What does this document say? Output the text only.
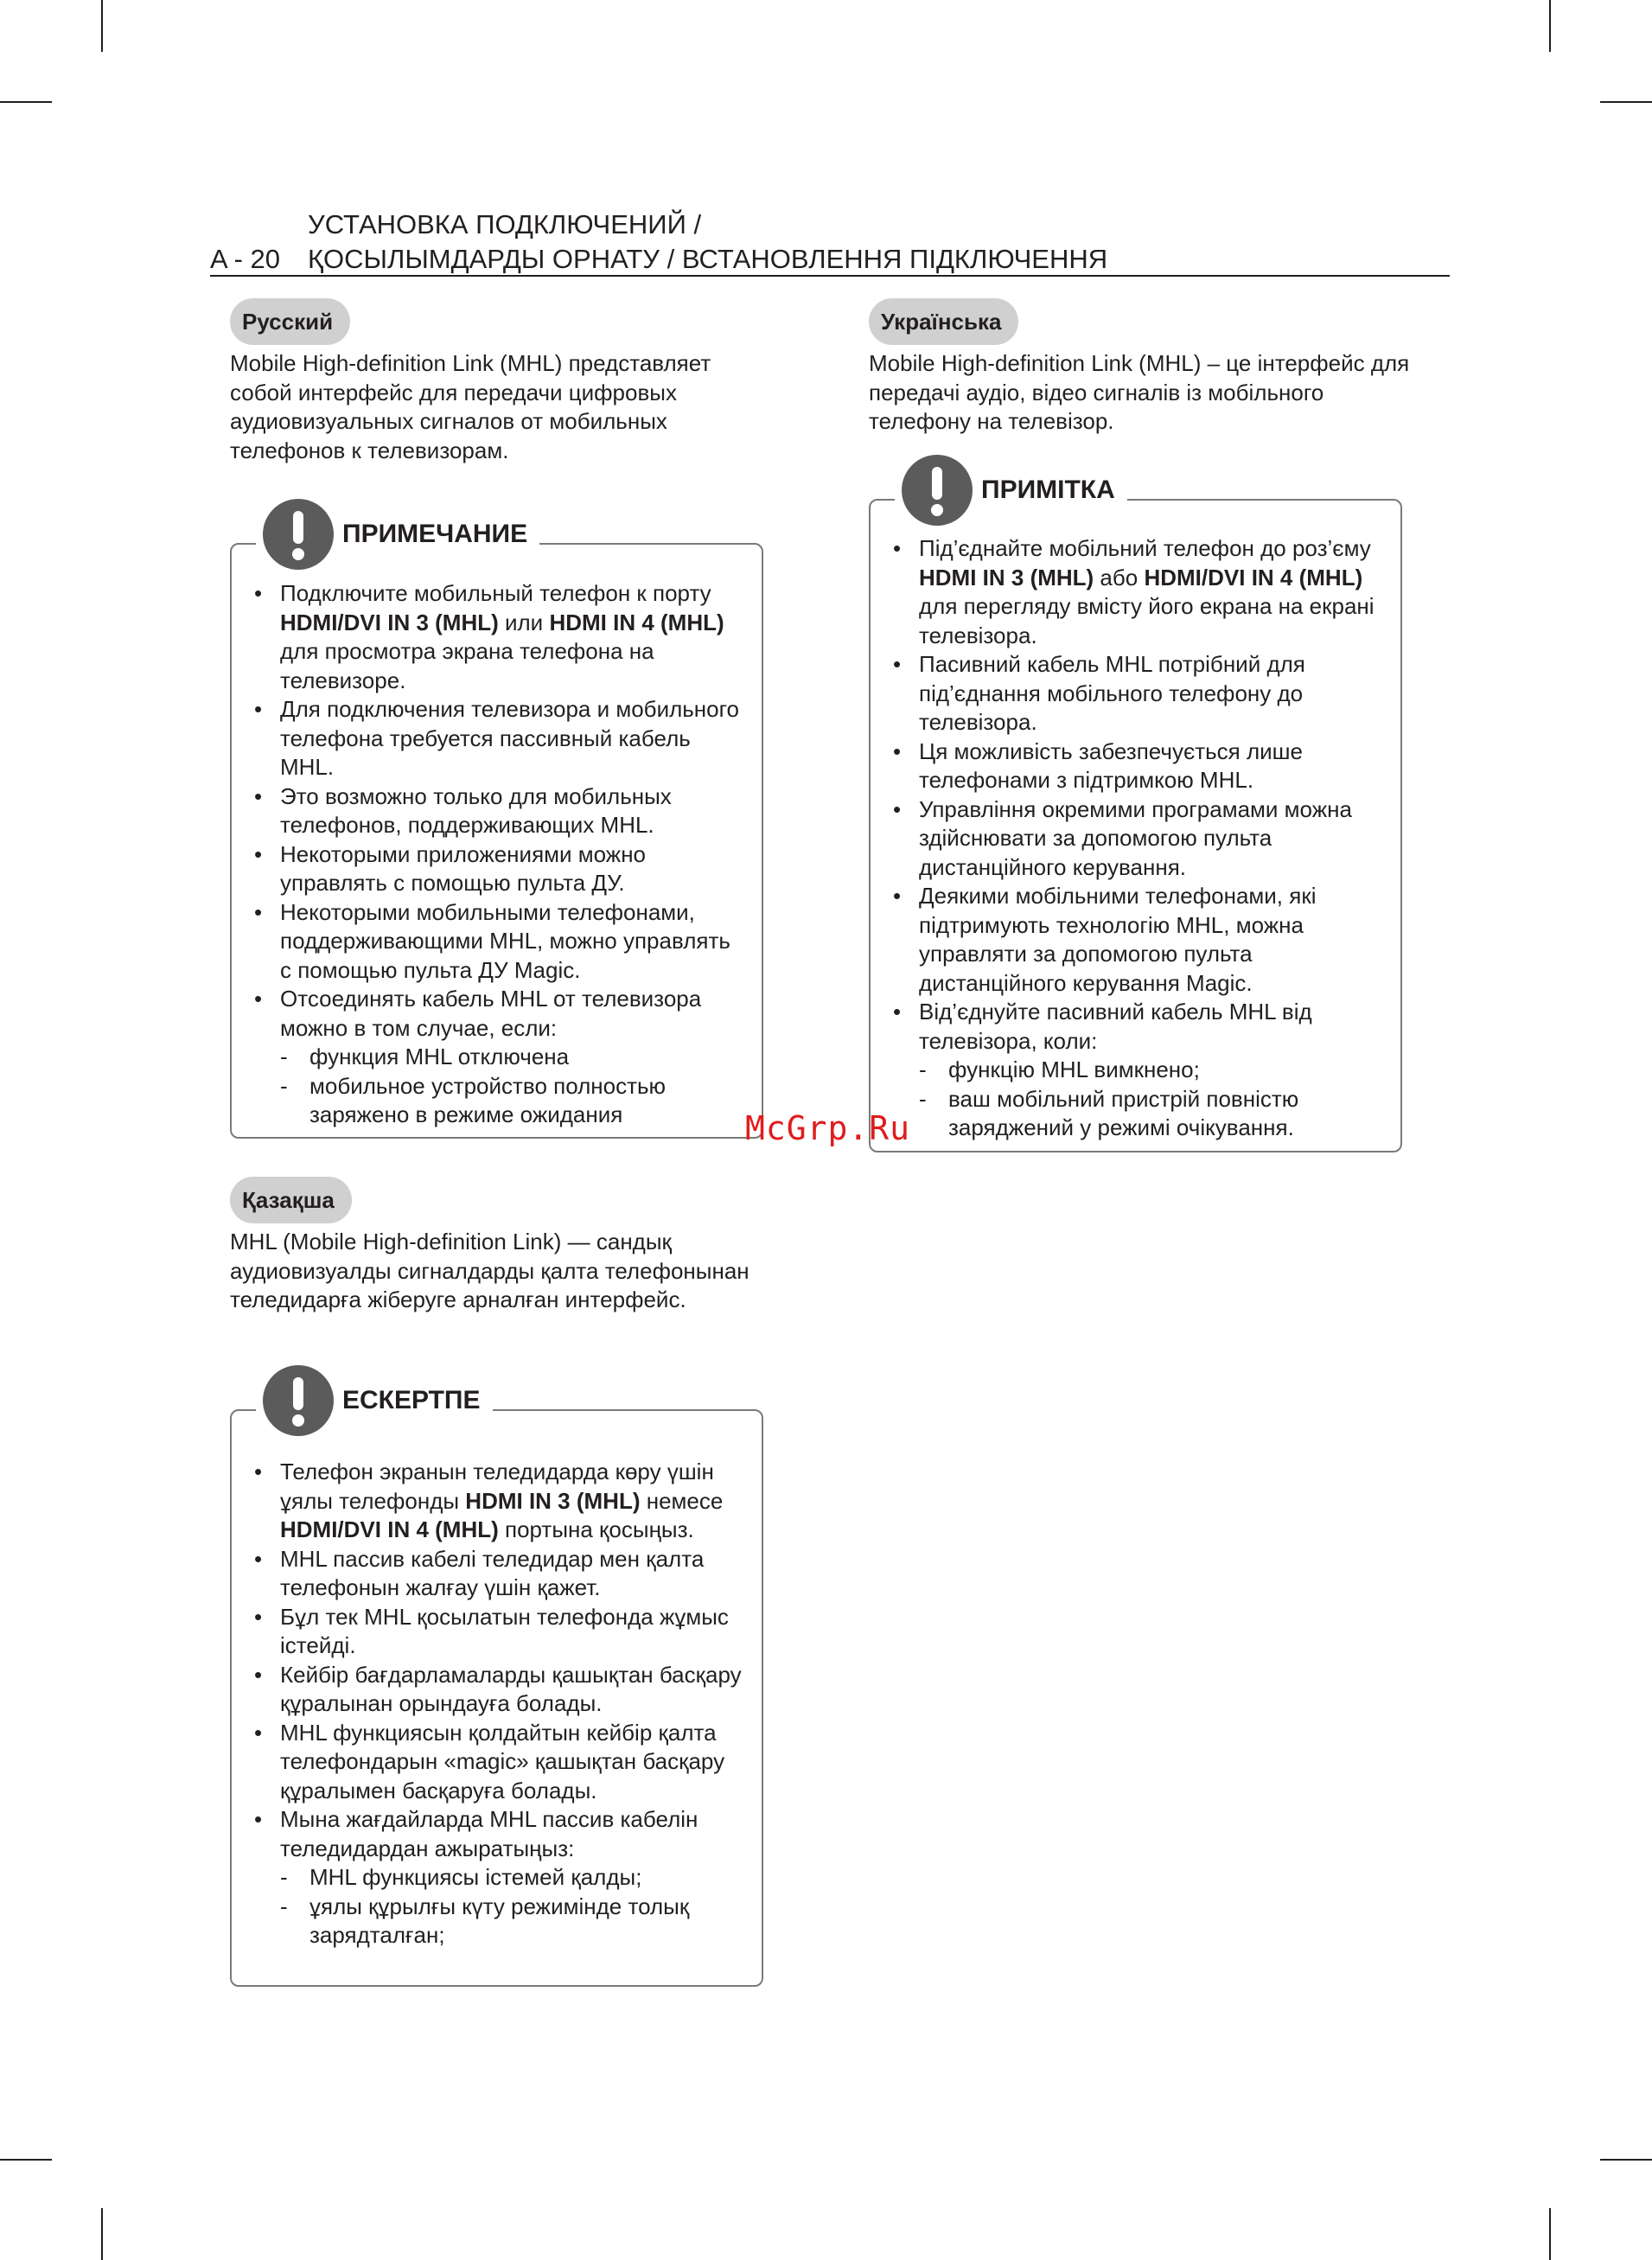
УСТАНОВКА ПОДКЛЮЧЕНИЙ /
A - 20 ҚОСЫЛЫМДАРДЫ ОРНАТУ / ВСТАНОВЛЕННЯ ПІДКЛЮЧЕННЯ
Русский
Mobile High-definition Link (MHL) представляет собой интерфейс для передачи цифровых аудиовизуальных сигналов от мобильных телефонов к телевизорам.
ПРИМЕЧАНИЕ
• Подключите мобильный телефон к порту HDMI/DVI IN 3 (MHL) или HDMI IN 4 (MHL) для просмотра экрана телефона на телевизоре.
• Для подключения телевизора и мобильного телефона требуется пассивный кабель MHL.
• Это возможно только для мобильных телефонов, поддерживающих MHL.
• Некоторыми приложениями можно управлять с помощью пульта ДУ.
• Некоторыми мобильными телефонами, поддерживающими MHL, можно управлять с помощью пульта ДУ Magic.
• Отсоединять кабель MHL от телевизора можно в том случае, если:
- функция MHL отключена
- мобильное устройство полностью заряжено в режиме ожидания
Қазақша
MHL (Mobile High-definition Link) — сандық аудиовизуалды сигналдарды қалта телефонынан теледидарға жіберуге арналған интерфейс.
ЕСКЕРТПЕ
• Телефон экранын теледидарда көру үшін ұялы телефонды HDMI IN 3 (MHL) немесе HDMI/DVI IN 4 (MHL) портына қосыңыз.
• MHL пассив кабелі теледидар мен қалта телефонын жалғау үшін қажет.
• Бұл тек MHL қосылатын телефонда жұмыс істейді.
• Кейбір бағдарламаларды қашықтан басқару құралынан орындауға болады.
• MHL функциясын қолдайтын кейбір қалта телефондарын «magic» қашықтан басқару құралымен басқаруға болады.
• Мына жағдайларда MHL пассив кабелін теледидардан ажыратыңыз:
- MHL функциясы істемей қалды;
- ұялы құрылғы күту режимінде толық зарядталған;
Українська
Mobile High-definition Link (MHL) – це інтерфейс для передачі аудіо, відео сигналів із мобільного телефону на телевізор.
ПРИМІТКА
• Під’єднайте мобільний телефон до роз’єму HDMI IN 3 (MHL) або HDMI/DVI IN 4 (MHL) для перегляду вмісту його екрана на екрані телевізора.
• Пасивний кабель MHL потрібний для під’єднання мобільного телефону до телевізора.
• Ця можливість забезпечується лише телефонами з підтримкою MHL.
• Управління окремими програмами можна здійснювати за допомогою пульта дистанційного керування.
• Деякими мобільними телефонами, які підтримують технологію MHL, можна управляти за допомогою пульта дистанційного керування Magic.
• Від’єднуйте пасивний кабель MHL від телевізора, коли:
- функцію MHL вимкнено;
- ваш мобільний пристрій повністю заряджений у режимі очікування.
McGrp.Ru
